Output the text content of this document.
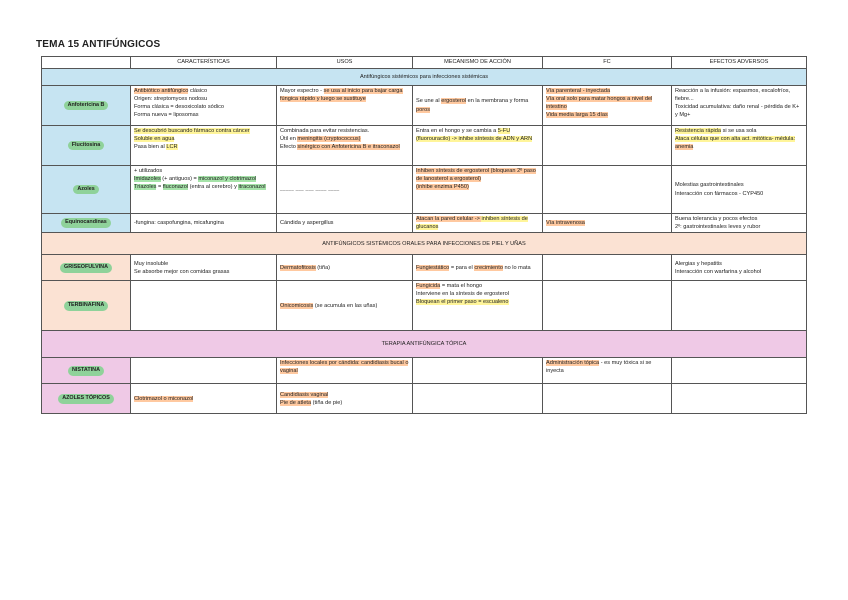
TEMA 15 ANTIFÚNGICOS
	CARACTERÍSTICAS	USOS	MECANISMO DE ACCIÓN	FC	EFECTOS ADVERSOS
Antifúngicos sistémicos para infecciones sistémicas					
Anfotericina B	Antibiótico antifúngico clásico
Origen: streptomyces nodosu
Forma clásica = desoxicolato sódico
Forma nueva = liposomas	Mayor espectro - se usa al inicio para bajar carga fúngica rápido y luego se sustituye	Se une al ergosterol en la membrana y forma poros	Vía parenteral - inyectada
Vía oral solo para matar hongos a nivel del intestino
Vida media larga 15 días	Reacción a la infusión: espasmos, escalofríos, fiebre...
Toxicidad acumulativa: daño renal - pérdida de K+ y Mg+

Flucitosina	Se descubrió buscando fármaco contra cáncer
Soluble en agua
Pasa bien al LCR	Combinada para evitar resistencias.
Útil en meningitis (cryptococcus)
Efecto sinérgico con Anfotericina B e itraconazol	Entra en el hongo y se cambia a 5-FU (fluorouracilo) -> inhibe síntesis de ADN y ARN		Resistencia rápida si se usa sola
Ataca células que con alta act. mitótica- médula: anemia

Azoles	+ utilizados
Imidazoles (+ antiguos) = miconazol y clotrimazol
Triazoles = fluconazol (entra al cerebro) y itraconazol	_____ ___ ___ ____ ____	Inhiben síntesis de ergosterol (bloquean 2º paso de lanosterol a ergosterol)
(inhibe enzima P450)		Molestias gastrointestinales
Interacción con fármacos - CYP450

Equinocandinas	-fungina: caspofungina, micafungina	Cándida y aspergillus	Atacan la pared celular -> inhiben síntesis de glucanos	Vía intravenosa	Buena tolerancia y pocos efectos
2º: gastrointestinales leves y rubor

ANTIFÚNGICOS SISTÉMICOS ORALES PARA INFECCIONES DE PIEL Y UÑAS					
GRISEOFULVINA	Muy insoluble
Se absorbe mejor con comidas grasas	Dermatofitosis (tiña)	Fungiestático = para el crecimiento no lo mata		Alergias y hepatitis
Interacción con warfarina y alcohol

TERBINAFINA		Onicomicosis (se acumula en las uñas)	Fungicida = mata el hongo
Interviene en la síntesis de ergosterol
Bloquean el primer paso = escualeno		

TERAPIA ANTIFÚNGICA TÓPICA					
NISTATINA		Infecciones locales por cándida: candidiasis bucal o vaginal		Administración tópica - es muy tóxica si se inyecta	
AZOLES TÓPICOS	Clotrimazol o miconazol	Candidiasis vaginal
Pie de atleta (tiña de pie)			
